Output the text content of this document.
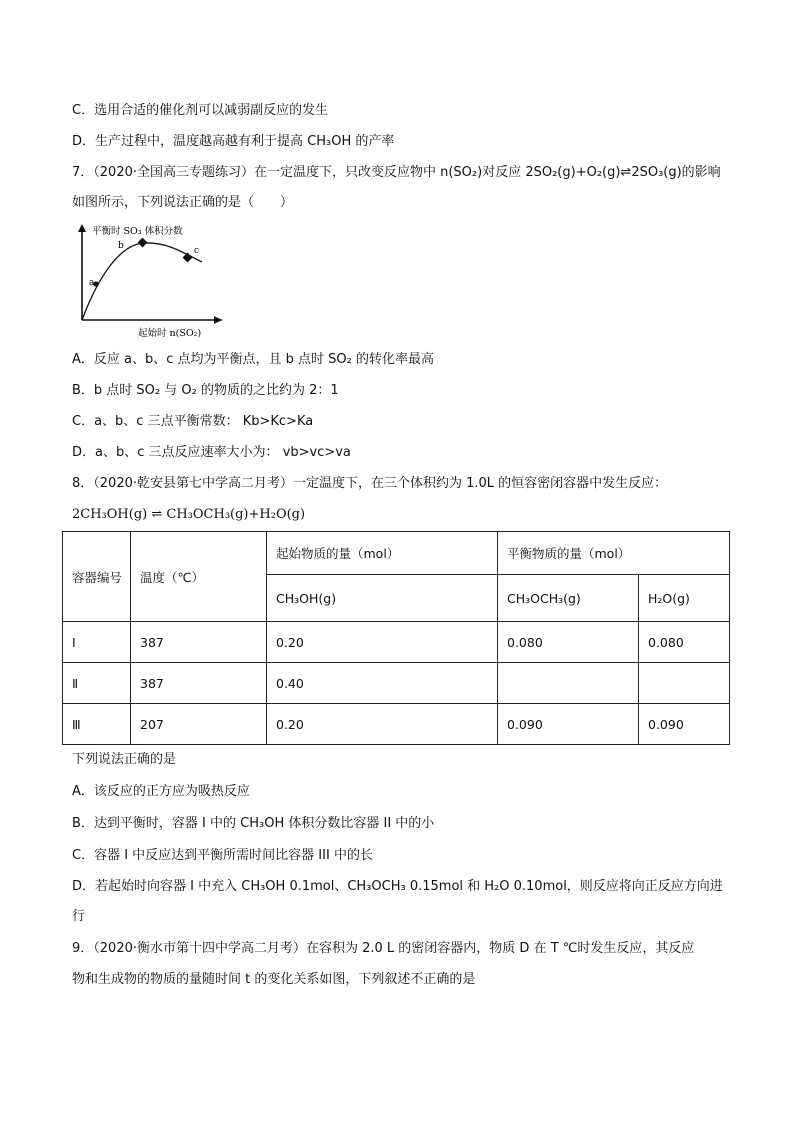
C．选用合适的催化剂可以减弱副反应的发生
D．生产过程中，温度越高越有利于提高 CH₃OH 的产率
7．（2020·全国高三专题练习）在一定温度下，只改变反应物中 n(SO₂)对反应 2SO₂(g)+O₂(g)⇌2SO₃(g)的影响
如图所示，下列说法正确的是（　　）
a
b	c
平衡时 SO₃ 体积分数
起始时 n(SO₂)
A．反应 a、b、c 点均为平衡点，且 b 点时 SO₂ 的转化率最高
B．b 点时 SO₂ 与 O₂ 的物质的之比约为 2：1
C．a、b、c 三点平衡常数： Kb>Kc>Ka
D．a、b、c 三点反应速率大小为： vb>vc>va
8．（2020·乾安县第七中学高二月考）一定温度下，在三个体积约为 1.0L 的恒容密闭容器中发生反应：
2CH₃OH(g) ⇌ CH₃OCH₃(g)+H₂O(g)
容器编号	温度（℃）	起始物质的量（mol）	平衡物质的量（mol）	
		CH₃OH(g)	CH₃OCH₃(g)	H₂O(g)
I	387	0.20	0.080	0.080
Ⅱ	387	0.40		
Ⅲ	207	0.20	0.090	0.090
下列说法正确的是
A．该反应的正方应为吸热反应
B．达到平衡时，容器 I 中的 CH₃OH 体积分数比容器 II 中的小
C．容器 I 中反应达到平衡所需时间比容器 III 中的长
D．若起始时向容器 I 中充入 CH₃OH 0.1mol、CH₃OCH₃ 0.15mol 和 H₂O 0.10mol，则反应将向正反应方向进
行
9．（2020·衡水市第十四中学高二月考）在容积为 2.0 L 的密闭容器内，物质 D 在 T ℃时发生反应，其反应
物和生成物的物质的量随时间 t 的变化关系如图，下列叙述不正确的是
